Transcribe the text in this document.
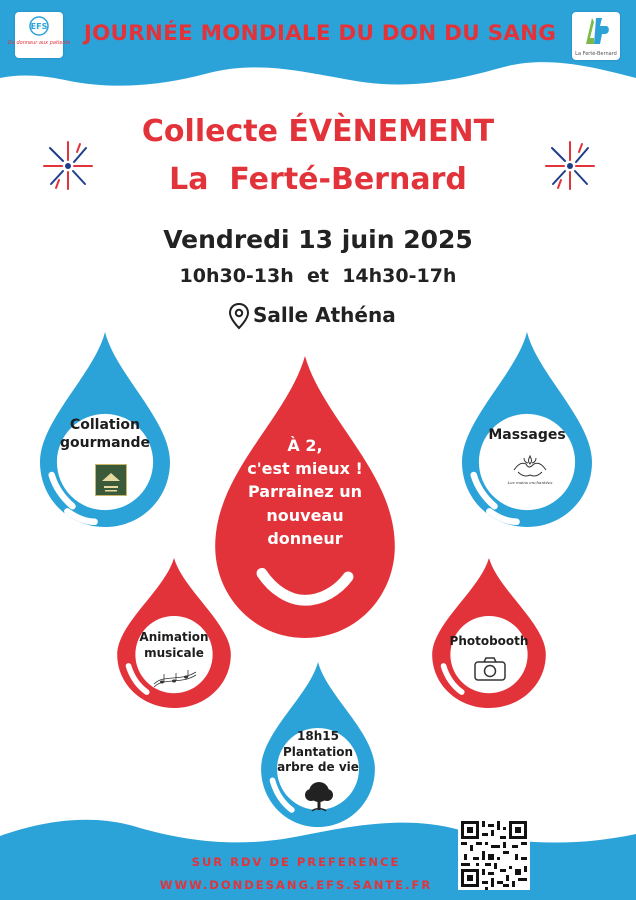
EFS
Du donneur aux patients JOURNÉE MONDIALE DU DON DU SANG
La Ferté-Bernard
Collecte ÉVÈNEMENT
La  Ferté-Bernard
Vendredi 13 juin 2025
10h30-13h  et  14h30-17h
Salle Athéna
Collation
gourmande
Massages
Les mains enchantées
À 2,
c'est mieux !
Parrainez un
nouveau
donneur
Animation
musicale
Photobooth
18h15
Plantation
arbre de vie
SUR RDV DE PREFERENCE
WWW.DONDESANG.EFS.SANTE.FR
